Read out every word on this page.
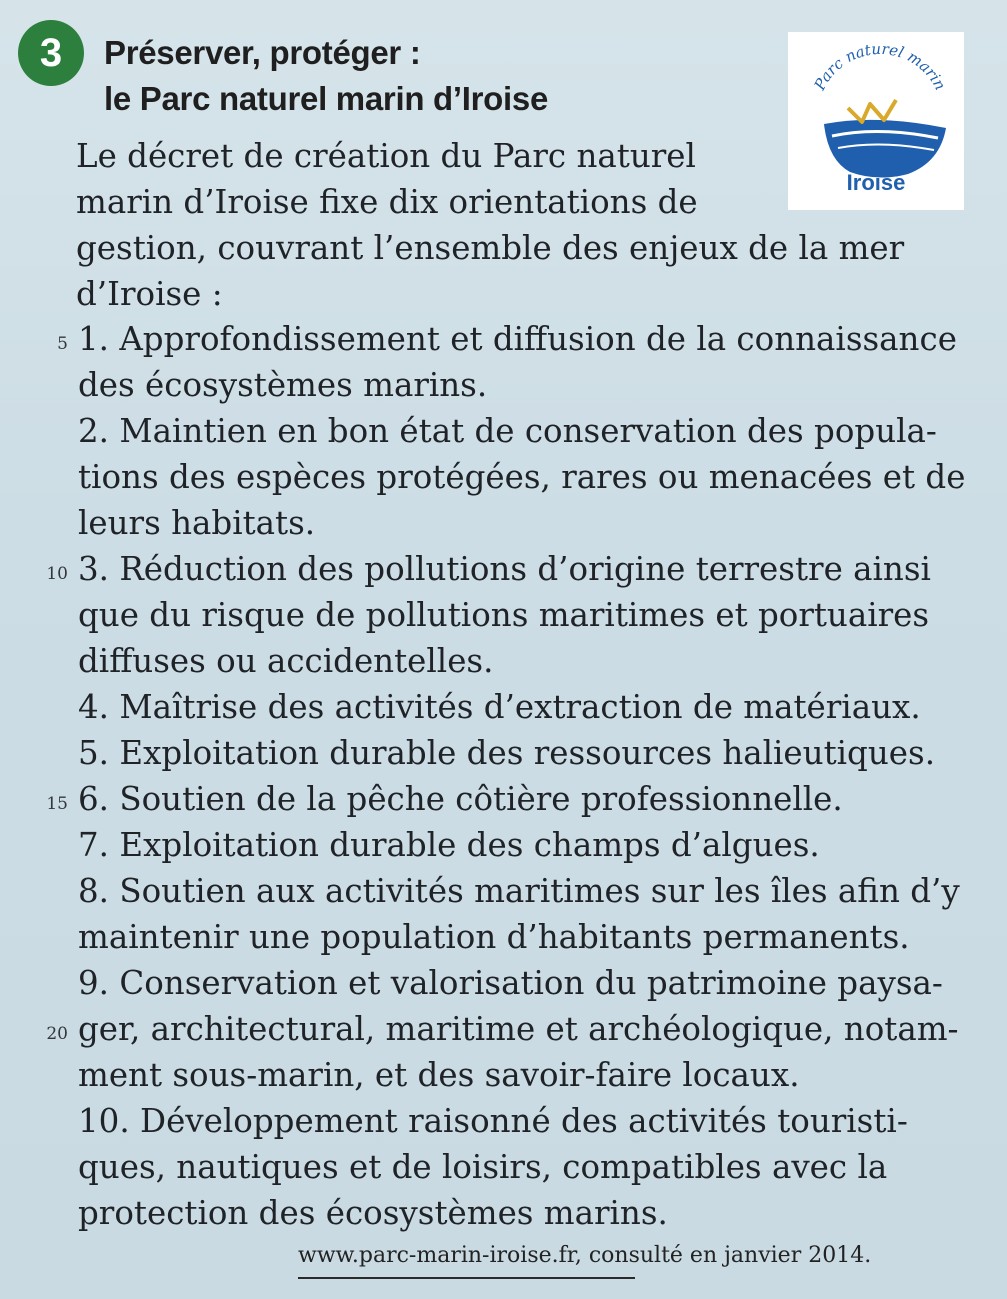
3	Préserver, protéger :
le Parc naturel marin d’Iroise	Parc naturel marin
Iroise
Le décret de création du Parc naturel
marin d’Iroise fixe dix orientations de
gestion, couvrant l’ensemble des enjeux de la mer
d’Iroise :
1. Approfondissement et diffusion de la connaissance
des écosystèmes marins.
2. Maintien en bon état de conservation des popula-
tions des espèces protégées, rares ou menacées et de
leurs habitats.
3. Réduction des pollutions d’origine terrestre ainsi
que du risque de pollutions maritimes et portuaires
diffuses ou accidentelles.
4. Maîtrise des activités d’extraction de matériaux.
5. Exploitation durable des ressources halieutiques.
6. Soutien de la pêche côtière professionnelle.
7. Exploitation durable des champs d’algues.
8. Soutien aux activités maritimes sur les îles afin d’y
maintenir une population d’habitants permanents.
9. Conservation et valorisation du patrimoine paysa-
ger, architectural, maritime et archéologique, notam-
ment sous-marin, et des savoir-faire locaux.
10. Développement raisonné des activités touristi-
ques, nautiques et de loisirs, compatibles avec la
protection des écosystèmes marins.
5
10
15
20
www.parc-marin-iroise.fr, consulté en janvier 2014.
